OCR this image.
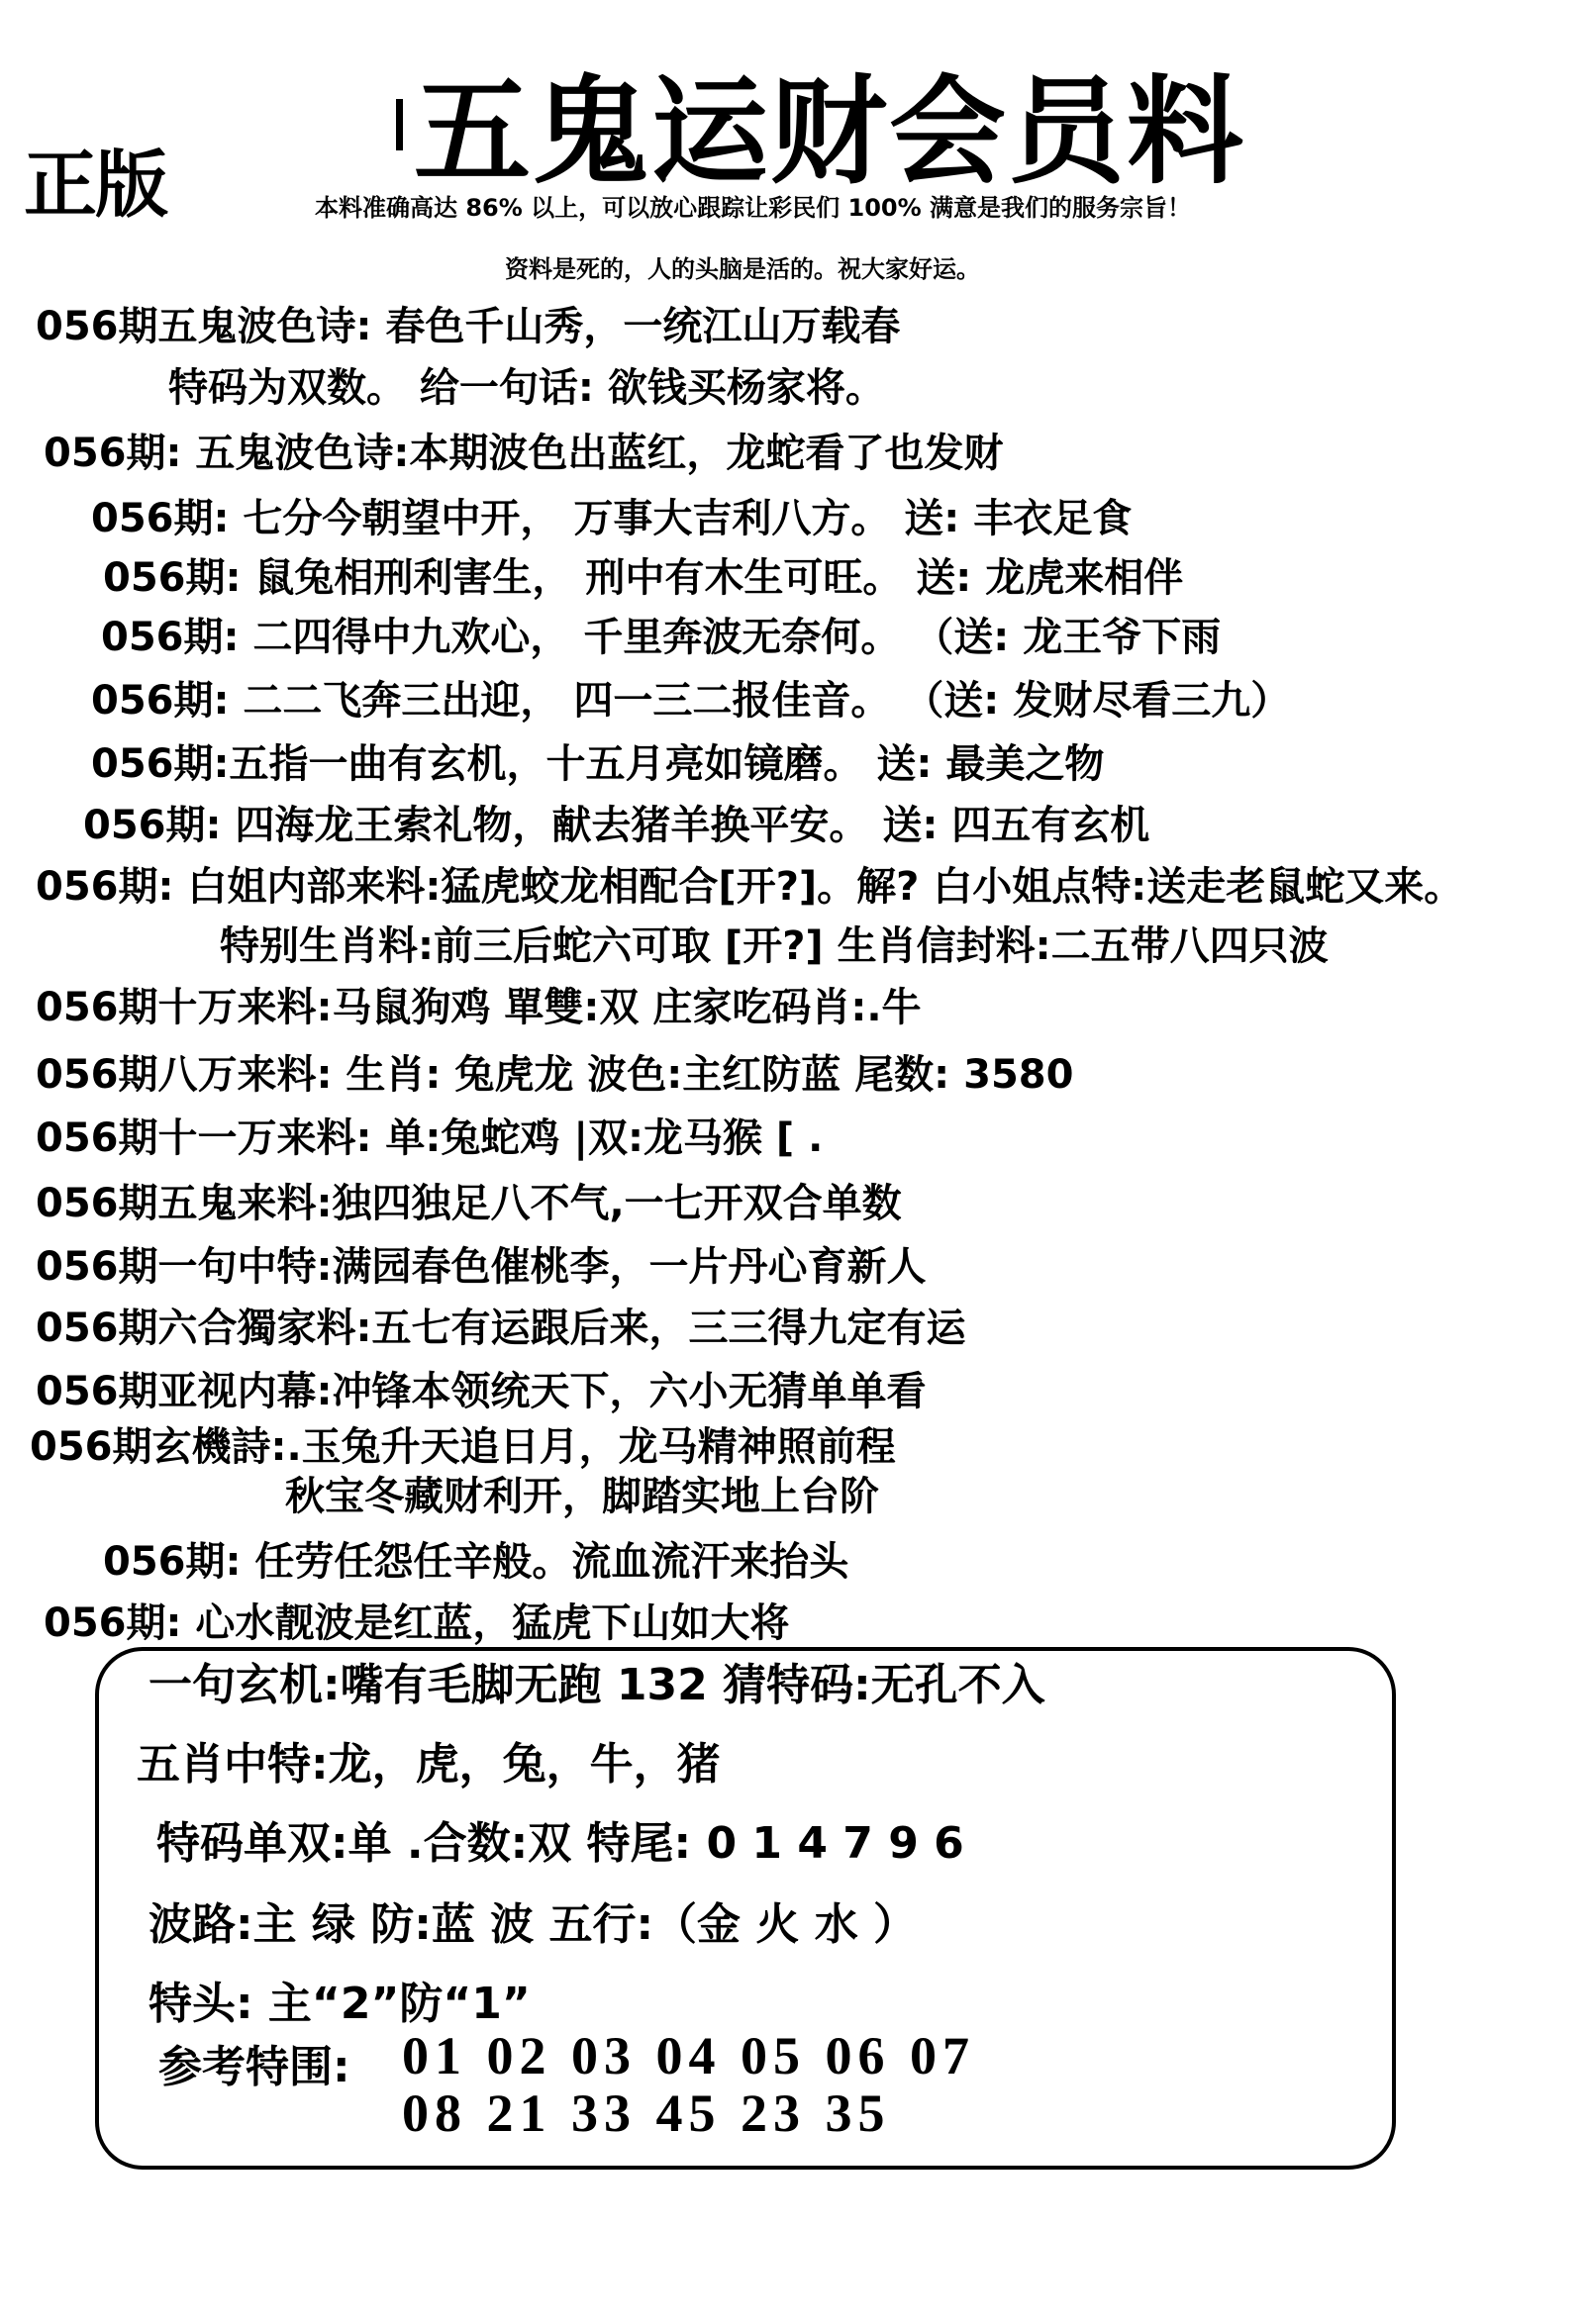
正版 五鬼运财会员料
本料准确高达 86% 以上，可以放心跟踪让彩民们 100% 满意是我们的服务宗旨！
资料是死的，人的头脑是活的。祝大家好运。
056期五鬼波色诗: 春色千山秀，一统江山万载春
特码为双数。 给一句话: 欲钱买杨家将。
056期: 五鬼波色诗:本期波色出蓝红，龙蛇看了也发财
056期: 七分今朝望中开， 万事大吉利八方。 送: 丰衣足食
056期: 鼠兔相刑利害生， 刑中有木生可旺。 送: 龙虎来相伴
056期: 二四得中九欢心， 千里奔波无奈何。 （送: 龙王爷下雨
056期: 二二飞奔三出迎， 四一三二报佳音。 （送: 发财尽看三九）
056期:五指一曲有玄机，十五月亮如镜磨。 送: 最美之物
056期: 四海龙王索礼物，献去猪羊换平安。 送: 四五有玄机
056期: 白姐内部来料:猛虎蛟龙相配合[开?]。解? 白小姐点特:送走老鼠蛇又来。
特别生肖料:前三后蛇六可取 [开?] 生肖信封料:二五带八四只波
056期十万来料:马鼠狗鸡 單雙:双 庄家吃码肖:.牛
056期八万来料: 生肖: 兔虎龙 波色:主红防蓝 尾数: 3580
056期十一万来料: 单:兔蛇鸡 |双:龙马猴 [ .
056期五鬼来料:独四独足八不气,一七开双合单数
056期一句中特:满园春色催桃李，一片丹心育新人
056期六合獨家料:五七有运跟后来，三三得九定有运
056期亚视内幕:冲锋本领统天下，六小无猜单单看
056期玄機詩:.玉兔升天追日月，龙马精神照前程
秋宝冬藏财利开，脚踏实地上台阶
056期: 任劳任怨任辛般。流血流汗来抬头
056期: 心水靓波是红蓝，猛虎下山如大将
一句玄机:嘴有毛脚无跑 132 猜特码:无孔不入
五肖中特:龙，虎，兔，牛，猪
特码单双:单 .合数:双 特尾: 0 1 4 7 9 6
波路:主 绿 防:蓝 波 五行:（金 火 水 ）
特头: 主“2”防“1”
参考特围: 01 02 03 04 05 06 07
08 21 33 45 23 35
